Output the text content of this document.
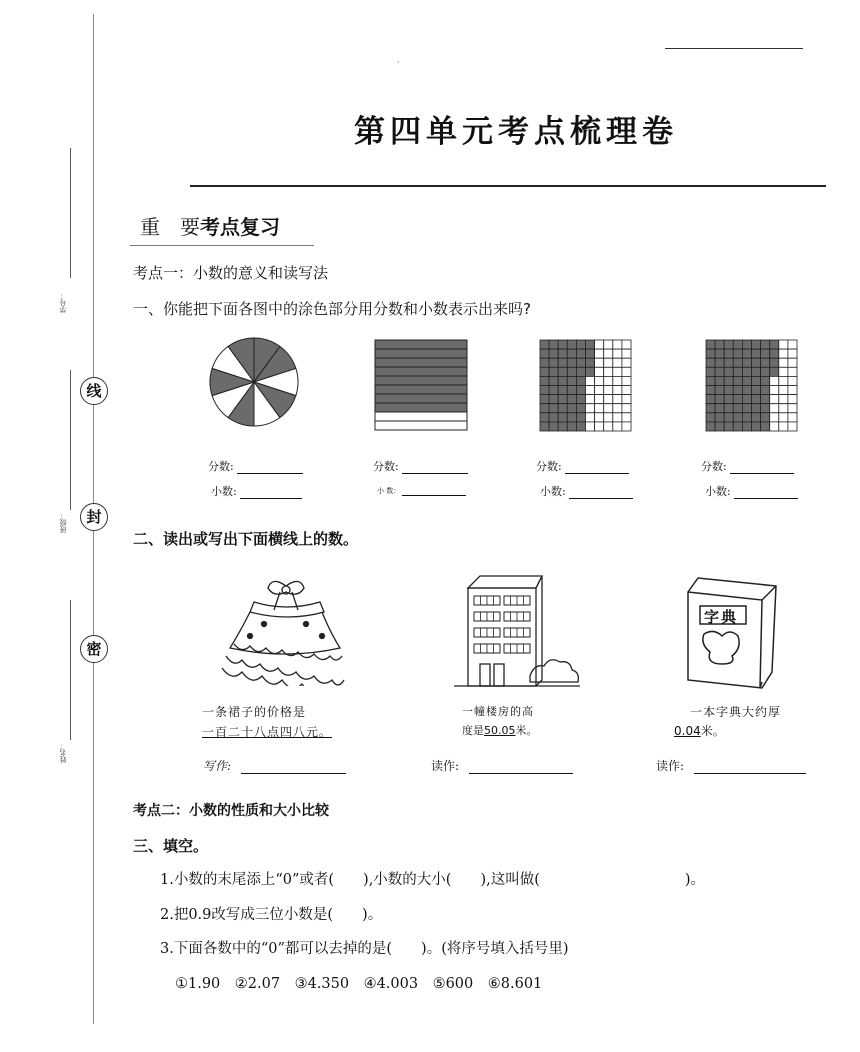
·
第四单元考点梳理卷
学号：
班级：
姓名：
线
封
密
重　要考点复习
考点一：小数的意义和读写法
一、你能把下面各图中的涂色部分用分数和小数表示出来吗?
分数:
小数:
分数:
小 数：
分数:
小数:
分数:
小数:
二、读出或写出下面横线上的数。
字典
一条裙子的价格是
一百二十八点四八元。
一幢楼房的高
度是50.05米。
一本字典大约厚
0.04米。
写作:	读作:	读作:
考点二：小数的性质和大小比较
三、填空。
1.小数的末尾添上“0”或者(　　),小数的大小(　　),这叫做(　　　　　　　　　　)。
2.把0.9改写成三位小数是(　　)。
3.下面各数中的“0”都可以去掉的是(　　)。(将序号填入括号里)
①1.90　②2.07　③4.350　④4.003　⑤600　⑥8.601
